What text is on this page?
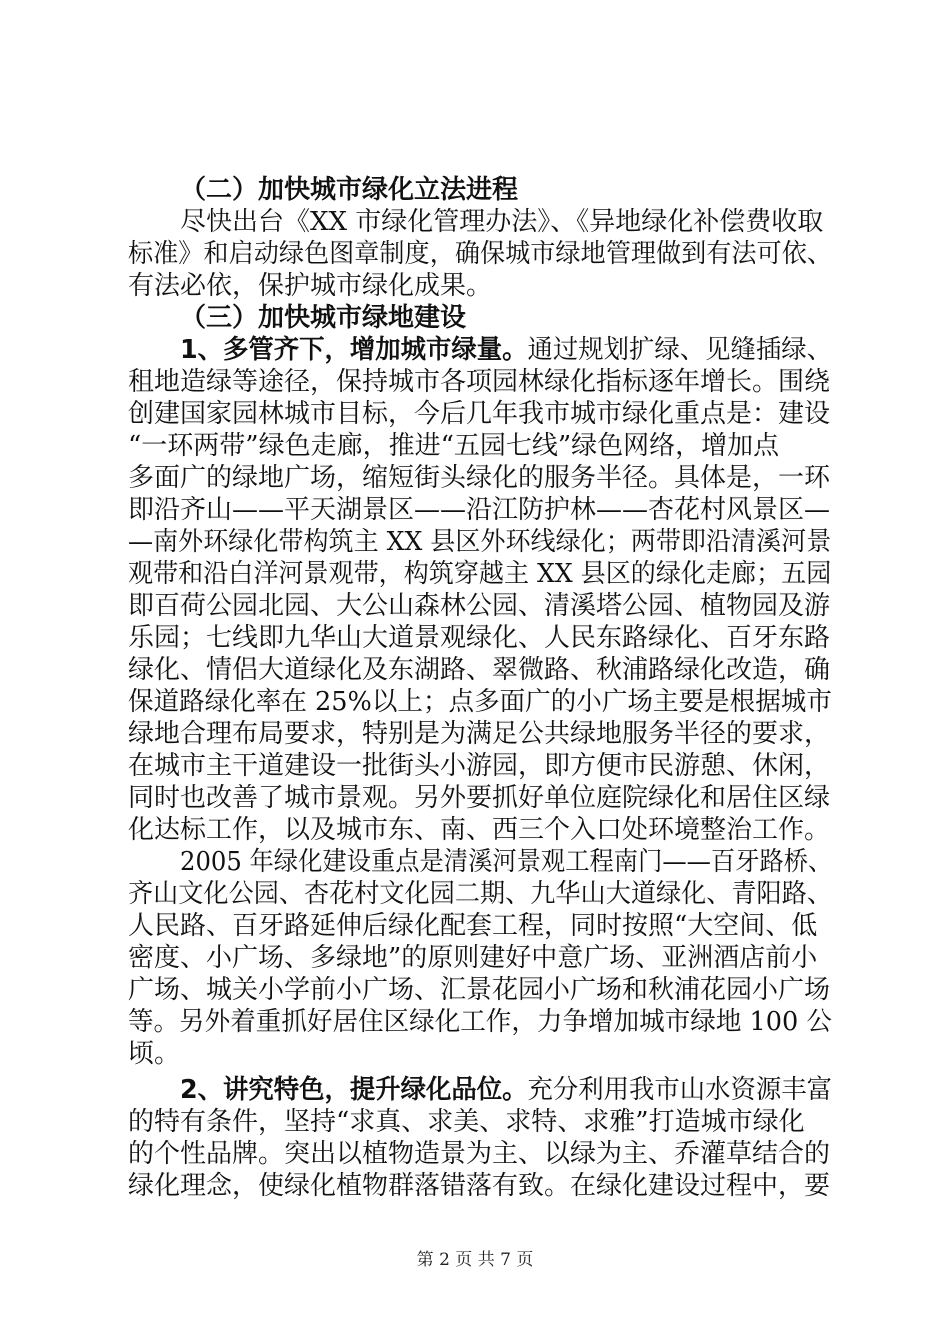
（二）加快城市绿化立法进程
尽快出台《XX 市绿化管理办法》、《异地绿化补偿费收取
标准》和启动绿色图章制度，确保城市绿地管理做到有法可依、
有法必依，保护城市绿化成果。
（三）加快城市绿地建设
1、多管齐下，增加城市绿量。通过规划扩绿、见缝插绿、
租地造绿等途径，保持城市各项园林绿化指标逐年增长。围绕
创建国家园林城市目标，今后几年我市城市绿化重点是：建设
“一环两带”绿色走廊，推进“五园七线”绿色网络，增加点
多面广的绿地广场，缩短街头绿化的服务半径。具体是，一环
即沿齐山——平天湖景区——沿江防护林——杏花村风景区—
—南外环绿化带构筑主 XX 县区外环线绿化；两带即沿清溪河景
观带和沿白洋河景观带，构筑穿越主 XX 县区的绿化走廊；五园
即百荷公园北园、大公山森林公园、清溪塔公园、植物园及游
乐园；七线即九华山大道景观绿化、人民东路绿化、百牙东路
绿化、情侣大道绿化及东湖路、翠微路、秋浦路绿化改造，确
保道路绿化率在 25%以上；点多面广的小广场主要是根据城市
绿地合理布局要求，特别是为满足公共绿地服务半径的要求，
在城市主干道建设一批街头小游园，即方便市民游憩、休闲，
同时也改善了城市景观。另外要抓好单位庭院绿化和居住区绿
化达标工作，以及城市东、南、西三个入口处环境整治工作。
2005 年绿化建设重点是清溪河景观工程南门——百牙路桥、
齐山文化公园、杏花村文化园二期、九华山大道绿化、青阳路、
人民路、百牙路延伸后绿化配套工程，同时按照“大空间、低
密度、小广场、多绿地”的原则建好中意广场、亚洲酒店前小
广场、城关小学前小广场、汇景花园小广场和秋浦花园小广场
等。另外着重抓好居住区绿化工作，力争增加城市绿地 100 公
顷。
2、讲究特色，提升绿化品位。充分利用我市山水资源丰富
的特有条件，坚持“求真、求美、求特、求雅”打造城市绿化
的个性品牌。突出以植物造景为主、以绿为主、乔灌草结合的
绿化理念，使绿化植物群落错落有致。在绿化建设过程中，要
第 2 页 共 7 页
